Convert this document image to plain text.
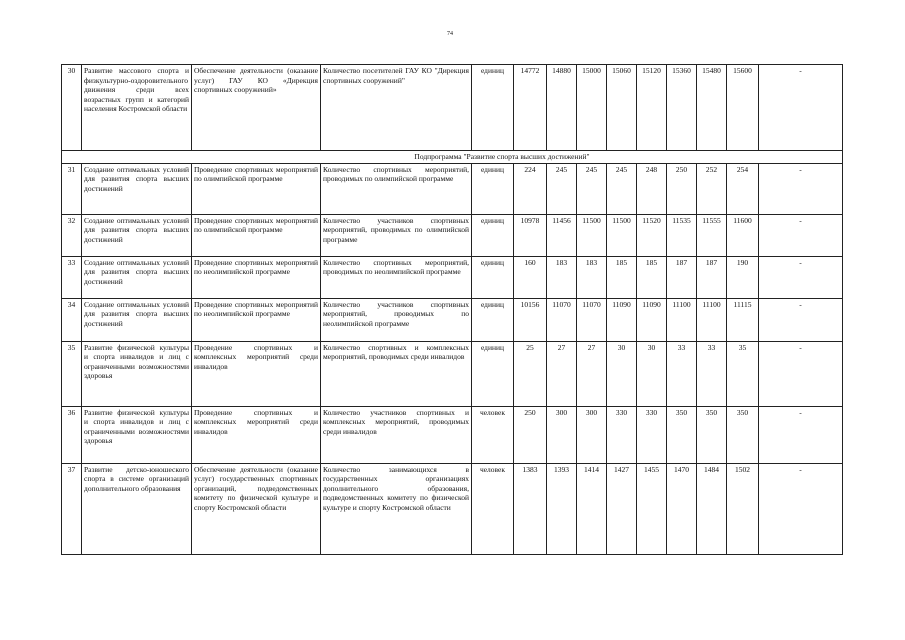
74
30	Развитие массового спорта и физкультурно-оздоровительного движения среди всех возрастных групп и категорий населения Костромской области	Обеспечение деятельности (оказание услуг) ГАУ КО «Дирекция спортивных сооружений»	Количество посетителей ГАУ КО "Дирекция спортивных сооружений"	единиц	14772	14880	15000	15060	15120	15360	15480	15600	-

Подпрограмма "Развитие спорта высших достижений"													

31	Создание оптимальных условий для развития спорта высших достижений	Проведение спортивных мероприятий по олимпийской программе	Количество спортивных мероприятий, проводимых по олимпийской программе	единиц	224	245	245	245	248	250	252	254	-
32	Создание оптимальных условий для развития спорта высших достижений	Проведение спортивных мероприятий по олимпийской программе	Количество участников спортивных мероприятий, проводимых по олимпийской программе	единиц	10978	11456	11500	11500	11520	11535	11555	11600	-
33	Создание оптимальных условий для развития спорта высших достижений	Проведение спортивных мероприятий по неолимпийской программе	Количество спортивных мероприятий, проводимых по неолимпийской программе	единиц	160	183	183	185	185	187	187	190	-
34	Создание оптимальных условий для развития спорта высших достижений	Проведение спортивных мероприятий по неолимпийской программе	Количество участников спортивных мероприятий, проводимых по неолимпийской программе	единиц	10156	11070	11070	11090	11090	11100	11100	11115	-
35	Развитие физической культуры и спорта инвалидов и лиц с ограниченными возможностями здоровья	Проведение спортивных и комплексных мероприятий среди инвалидов	Количество спортивных и комплексных мероприятий, проводимых среди инвалидов	единиц	25	27	27	30	30	33	33	35	-
36	Развитие физической культуры и спорта инвалидов и лиц с ограниченными возможностями здоровья	Проведение спортивных и комплексных мероприятий среди инвалидов	Количество участников спортивных и комплексных мероприятий, проводимых среди инвалидов	человек	250	300	300	330	330	350	350	350	-
37	Развитие детско-юношеского спорта в системе организаций дополнительного образования	Обеспечение деятельности (оказание услуг) государственных спортивных организаций, подведомственных комитету по физической культуре и спорту Костромской области	Количество занимающихся в государственных организациях дополнительного образования, подведомственных комитету по физической культуре и спорту Костромской области	человек	1383	1393	1414	1427	1455	1470	1484	1502	-
